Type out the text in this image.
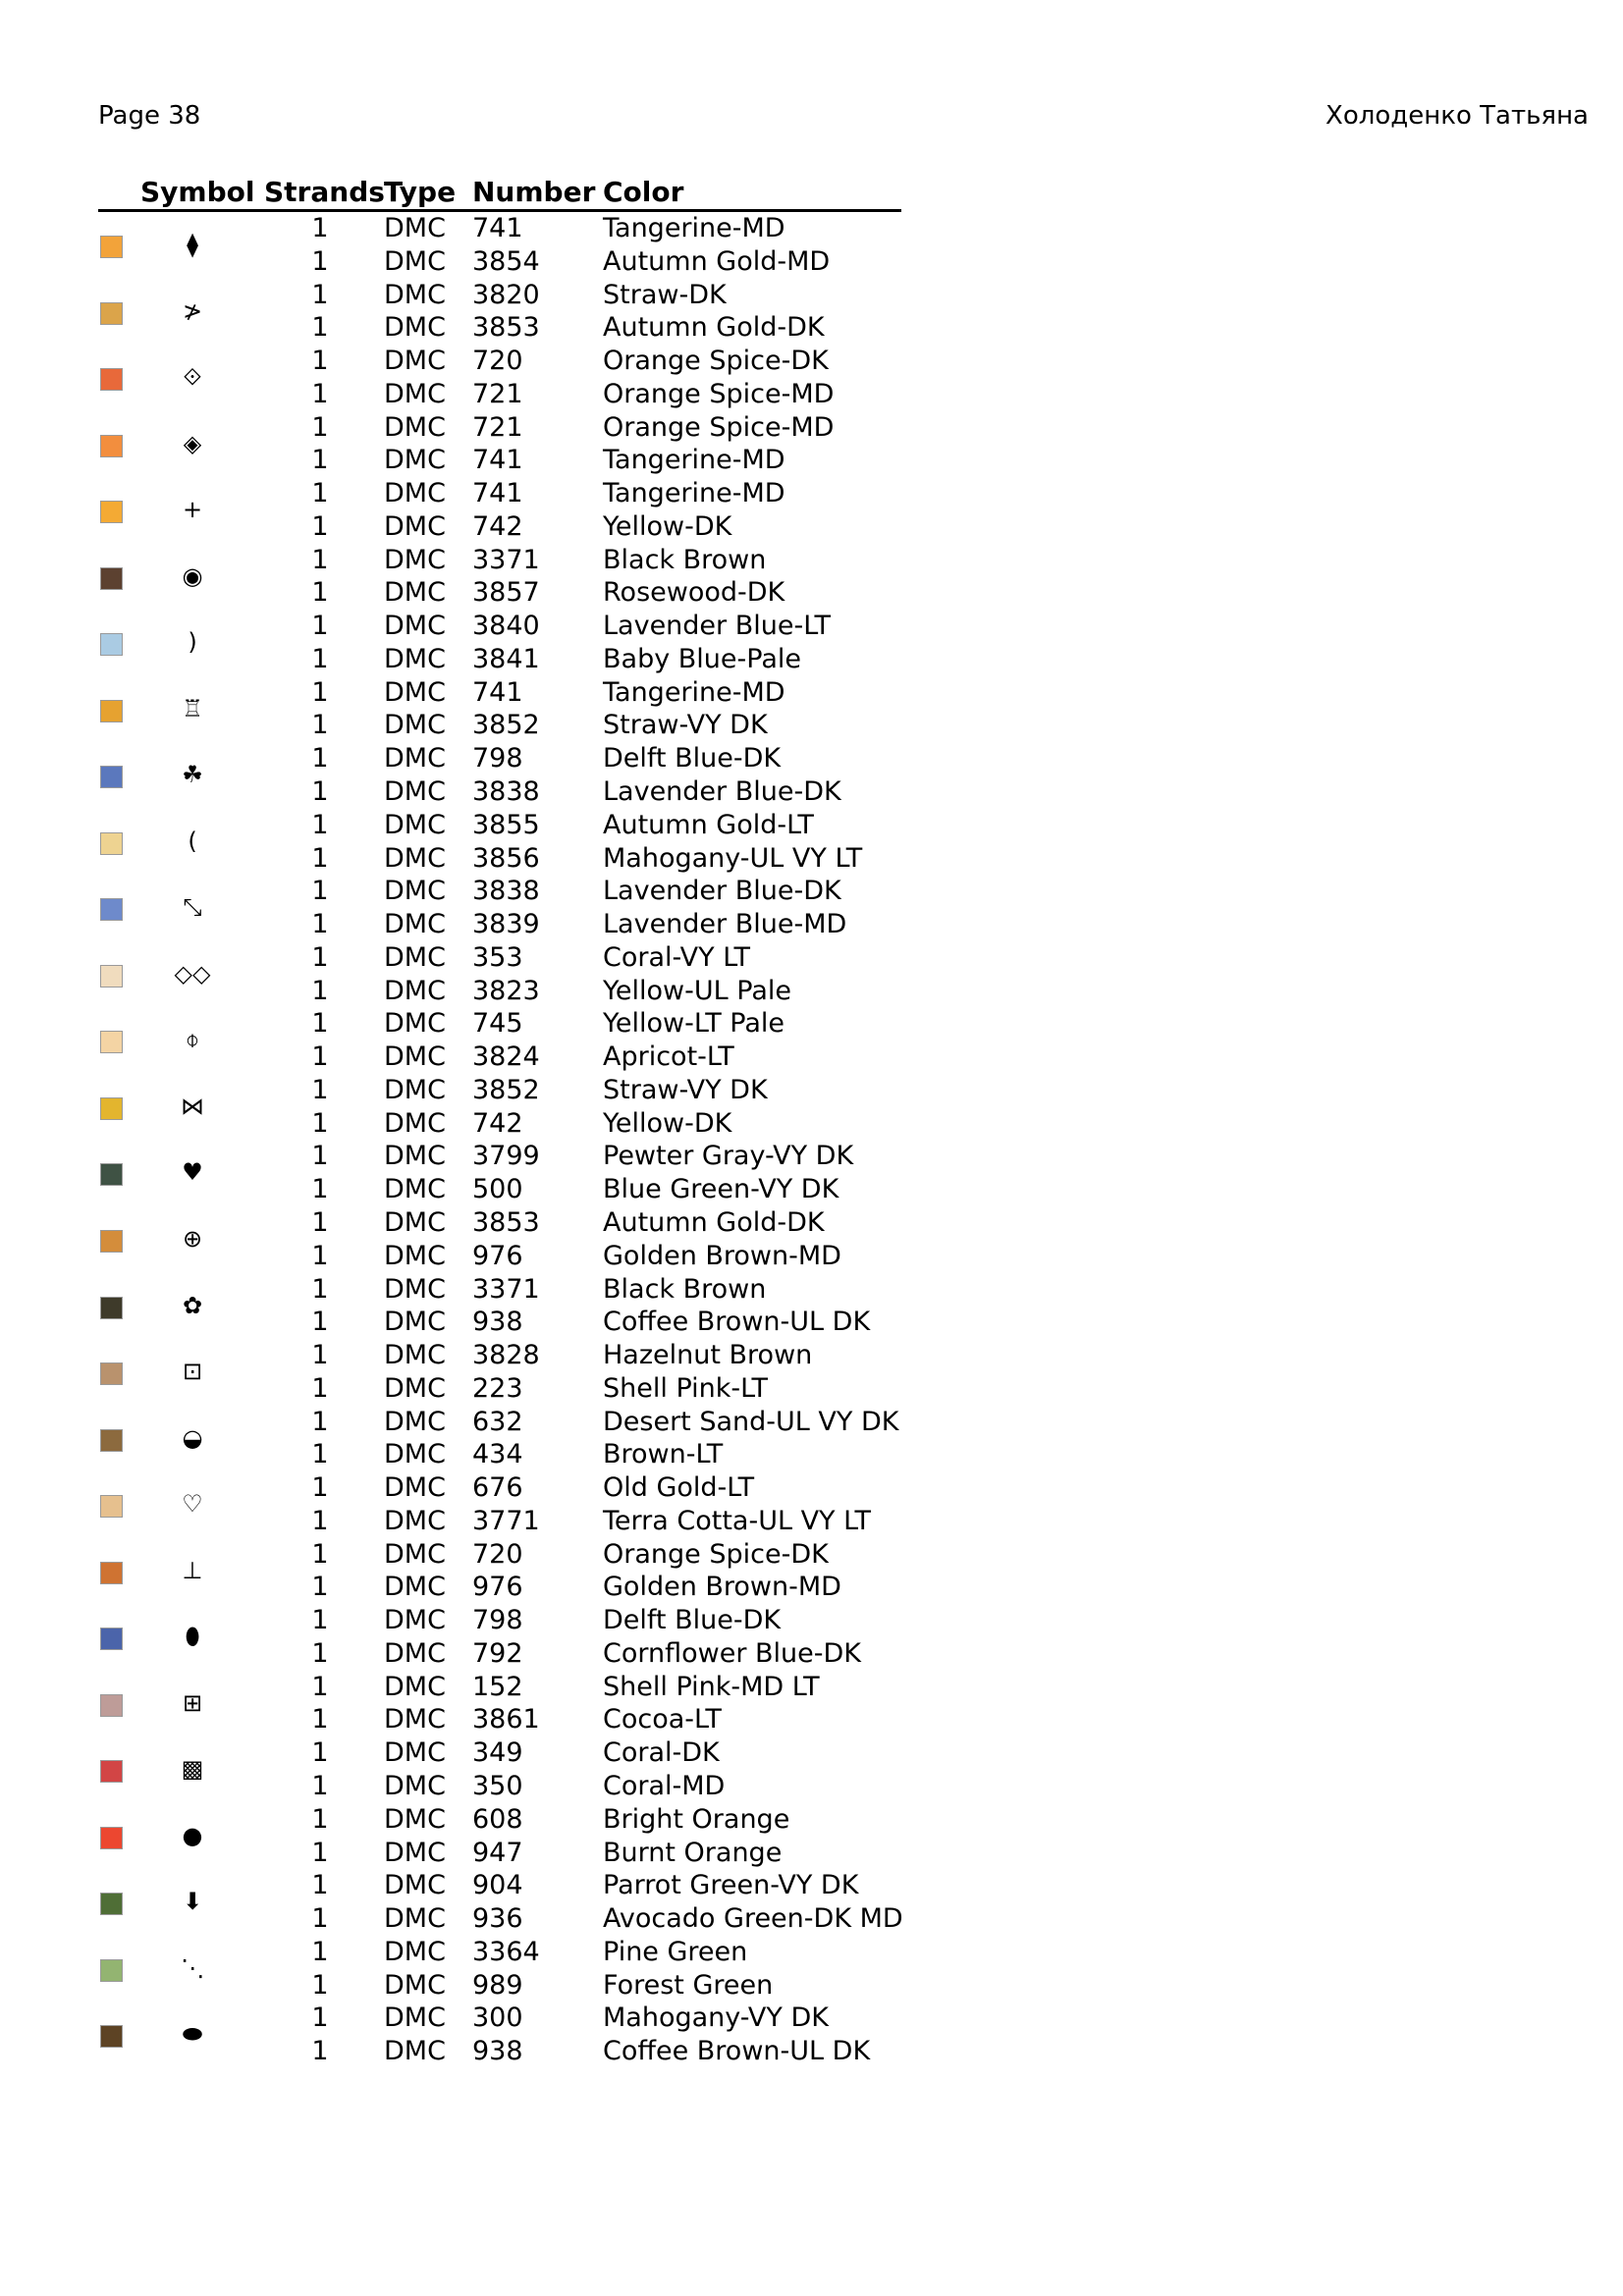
Page 38	Холоденко Татьяна
Symbol Strands Type Number Color
⧫
1 DMC 741	Tangerine-MD
1 DMC 3854 Autumn Gold-MD
≯
1 DMC 3820 Straw-DK
1 DMC 3853 Autumn Gold-DK
⟐
1 DMC 720	Orange Spice-DK
1 DMC 721	Orange Spice-MD
◈
1 DMC 721	Orange Spice-MD
1 DMC 741	Tangerine-MD
+
1 DMC 741	Tangerine-MD
1 DMC 742	Yellow-DK
◉
1 DMC 3371 Black Brown
1 DMC 3857 Rosewood-DK
)
1 DMC 3840 Lavender Blue-LT
1 DMC 3841 Baby Blue-Pale
♖
1 DMC 741	Tangerine-MD
1 DMC 3852 Straw-VY DK
☘
1 DMC 798	Delft Blue-DK
1 DMC 3838 Lavender Blue-DK
(
1 DMC 3855 Autumn Gold-LT
1 DMC 3856 Mahogany-UL VY LT
⤡
1 DMC 3838 Lavender Blue-DK
1 DMC 3839 Lavender Blue-MD
◇◇
1 DMC 353	Coral-VY LT
1 DMC 3823 Yellow-UL Pale
⌽
1 DMC 745	Yellow-LT Pale
1 DMC 3824 Apricot-LT
⋈
1 DMC 3852 Straw-VY DK
1 DMC 742	Yellow-DK
♥
1 DMC 3799 Pewter Gray-VY DK
1 DMC 500	Blue Green-VY DK
⊕
1 DMC 3853 Autumn Gold-DK
1 DMC 976	Golden Brown-MD
✿
1 DMC 3371 Black Brown
1 DMC 938	Coffee Brown-UL DK
⊡
1 DMC 3828 Hazelnut Brown
1 DMC 223	Shell Pink-LT
◒
1 DMC 632	Desert Sand-UL VY DK
1 DMC 434	Brown-LT
♡
1 DMC 676	Old Gold-LT
1 DMC 3771 Terra Cotta-UL VY LT
⊥
1 DMC 720	Orange Spice-DK
1 DMC 976	Golden Brown-MD
⬮
1 DMC 798	Delft Blue-DK
1 DMC 792	Cornflower Blue-DK
⊞
1 DMC 152	Shell Pink-MD LT
1 DMC 3861 Cocoa-LT
▩
1 DMC 349	Coral-DK
1 DMC 350	Coral-MD
●
1 DMC 608	Bright Orange
1 DMC 947	Burnt Orange
⬇
1 DMC 904	Parrot Green-VY DK
1 DMC 936	Avocado Green-DK MD
⋱
1 DMC 3364 Pine Green
1 DMC 989	Forest Green
⬬
1 DMC 300	Mahogany-VY DK
1 DMC 938	Coffee Brown-UL DK
